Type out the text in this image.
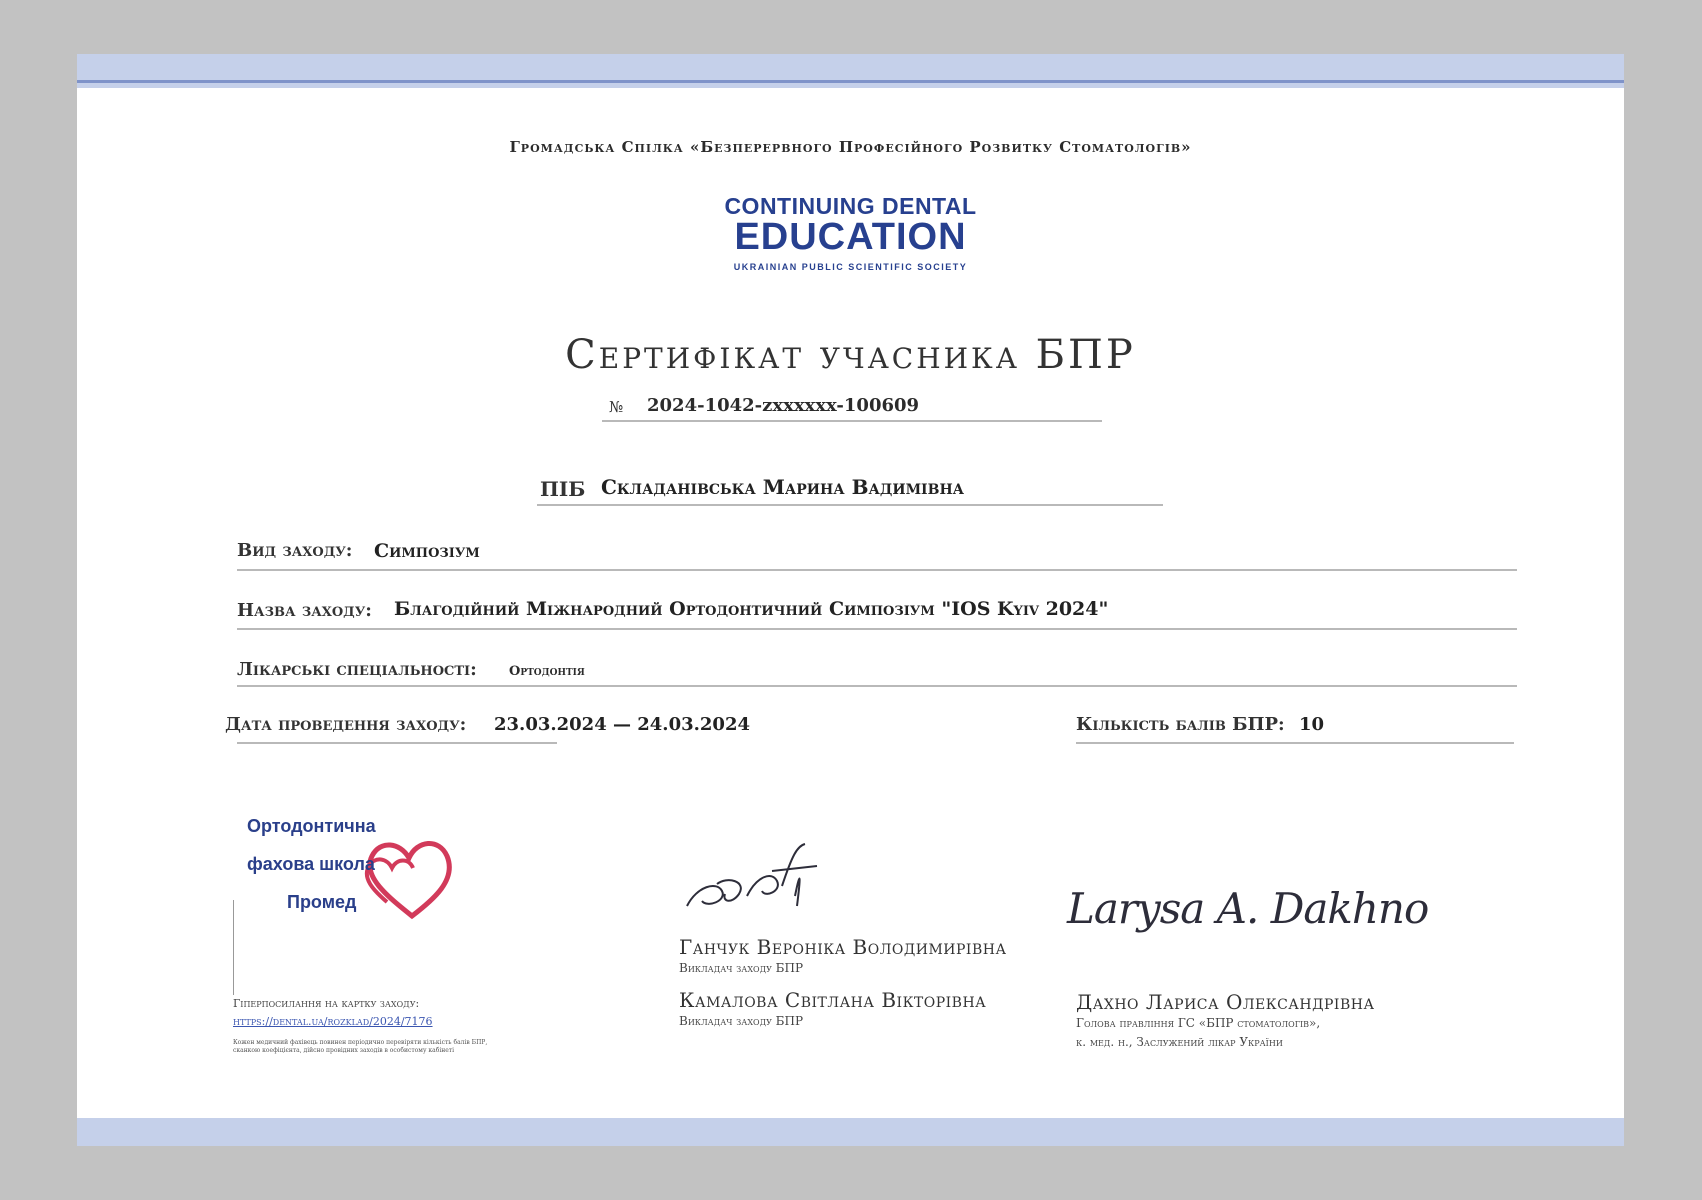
Громадська Спілка «Безперервного Професійного Розвитку Стоматологів»
CONTINUING DENTAL
EDUCATION
UKRAINIAN PUBLIC SCIENTIFIC SOCIETY
Сертифікат учасника БПР
№ 2024-1042-zxxxxxx-100609
ПІБ Складанівська Марина Вадимівна
Вид заходу: Симпозіум
Назва заходу: Благодійний Міжнародний Ортодонтичний Симпозіум "IOS Kyiv 2024"
Лікарські спеціальності: Ортодонтія
Дата проведення заходу: 23.03.2024 — 24.03.2024	Кількість балів БПР: 10
Ортодонтична
фахова школа
Промед
Гіперпосилання на картку заходу:
https://dental.ua/rozklad/2024/7176
Кожен медичний фахівець повинен періодично перевіряти кількість балів БПР, сканкою коефіцієнта, дійсно провідних заходів в особистому кабінеті
Ганчук Вероніка Володимирівна
Викладач заходу БПР
Камалова Світлана Вікторівна
Викладач заходу БПР
Larysa A. Dakhno
Дахно Лариса Олександрівна
Голова правління ГС «БПР стоматологів»,
к. мед. н., Заслужений лікар України
